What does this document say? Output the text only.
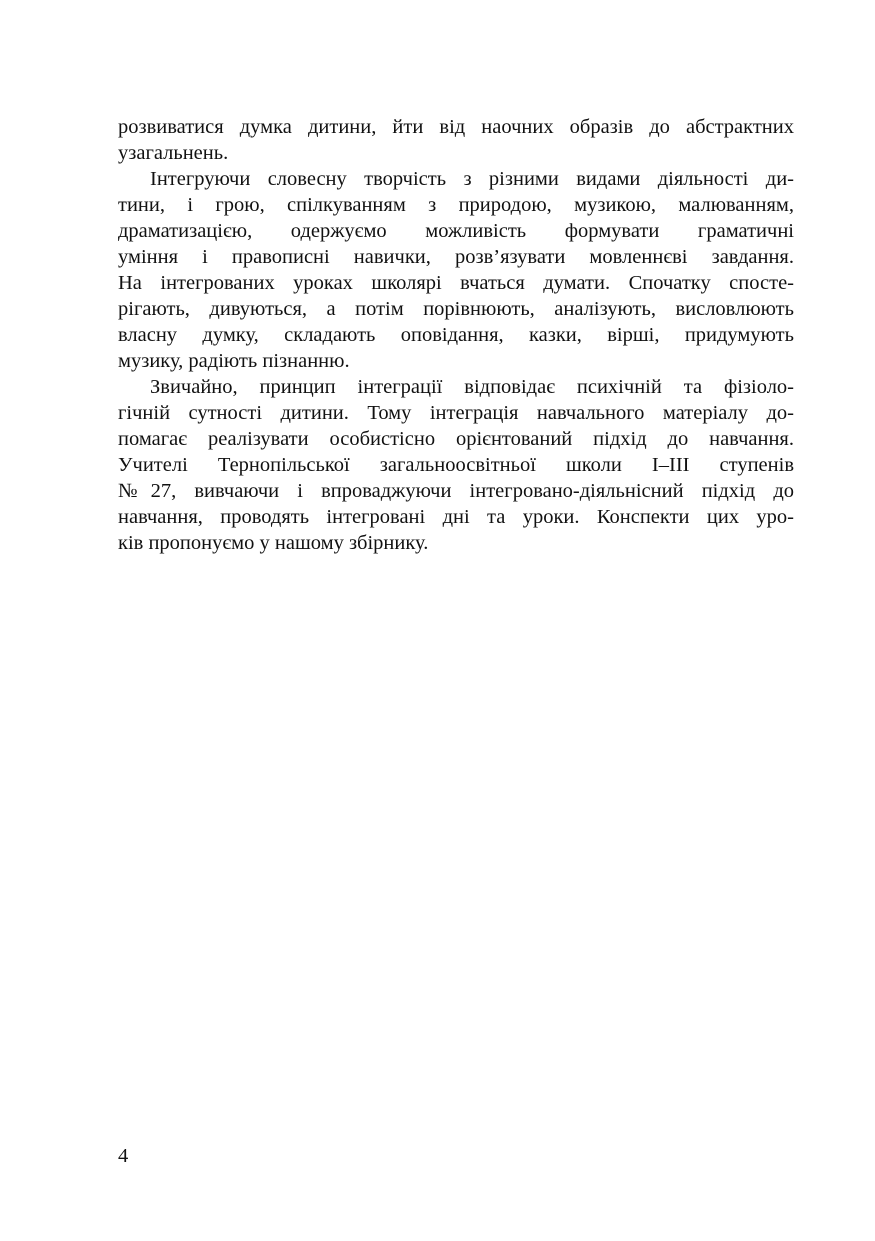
розвиватися думка дитини, йти від наочних образів до абстрактних
узагальнень.

Інтегруючи словесну творчість з різними видами діяльності ди-
тини, і грою, спілкуванням з природою, музикою, малюванням,
драматизацією, одержуємо можливість формувати граматичні
уміння і правописні навички, розв’язувати мовленнєві завдання.
На інтегрованих уроках школярі вчаться думати. Спочатку спосте-
рігають, дивуються, а потім порівнюють, аналізують, висловлюють
власну думку, складають оповідання, казки, вірші, придумують
музику, радіють пізнанню.

Звичайно, принцип інтеграції відповідає психічній та фізіоло-
гічній сутності дитини. Тому інтеграція навчального матеріалу до-
помагає реалізувати особистісно орієнтований підхід до навчання.
Учителі Тернопільської загальноосвітньої школи І–ІІІ ступенів
№27, вивчаючи і впроваджуючи інтегровано-діяльнісний підхід до
навчання, проводять інтегровані дні та уроки. Конспекти цих уро-
ків пропонуємо у нашому збірнику.

4
